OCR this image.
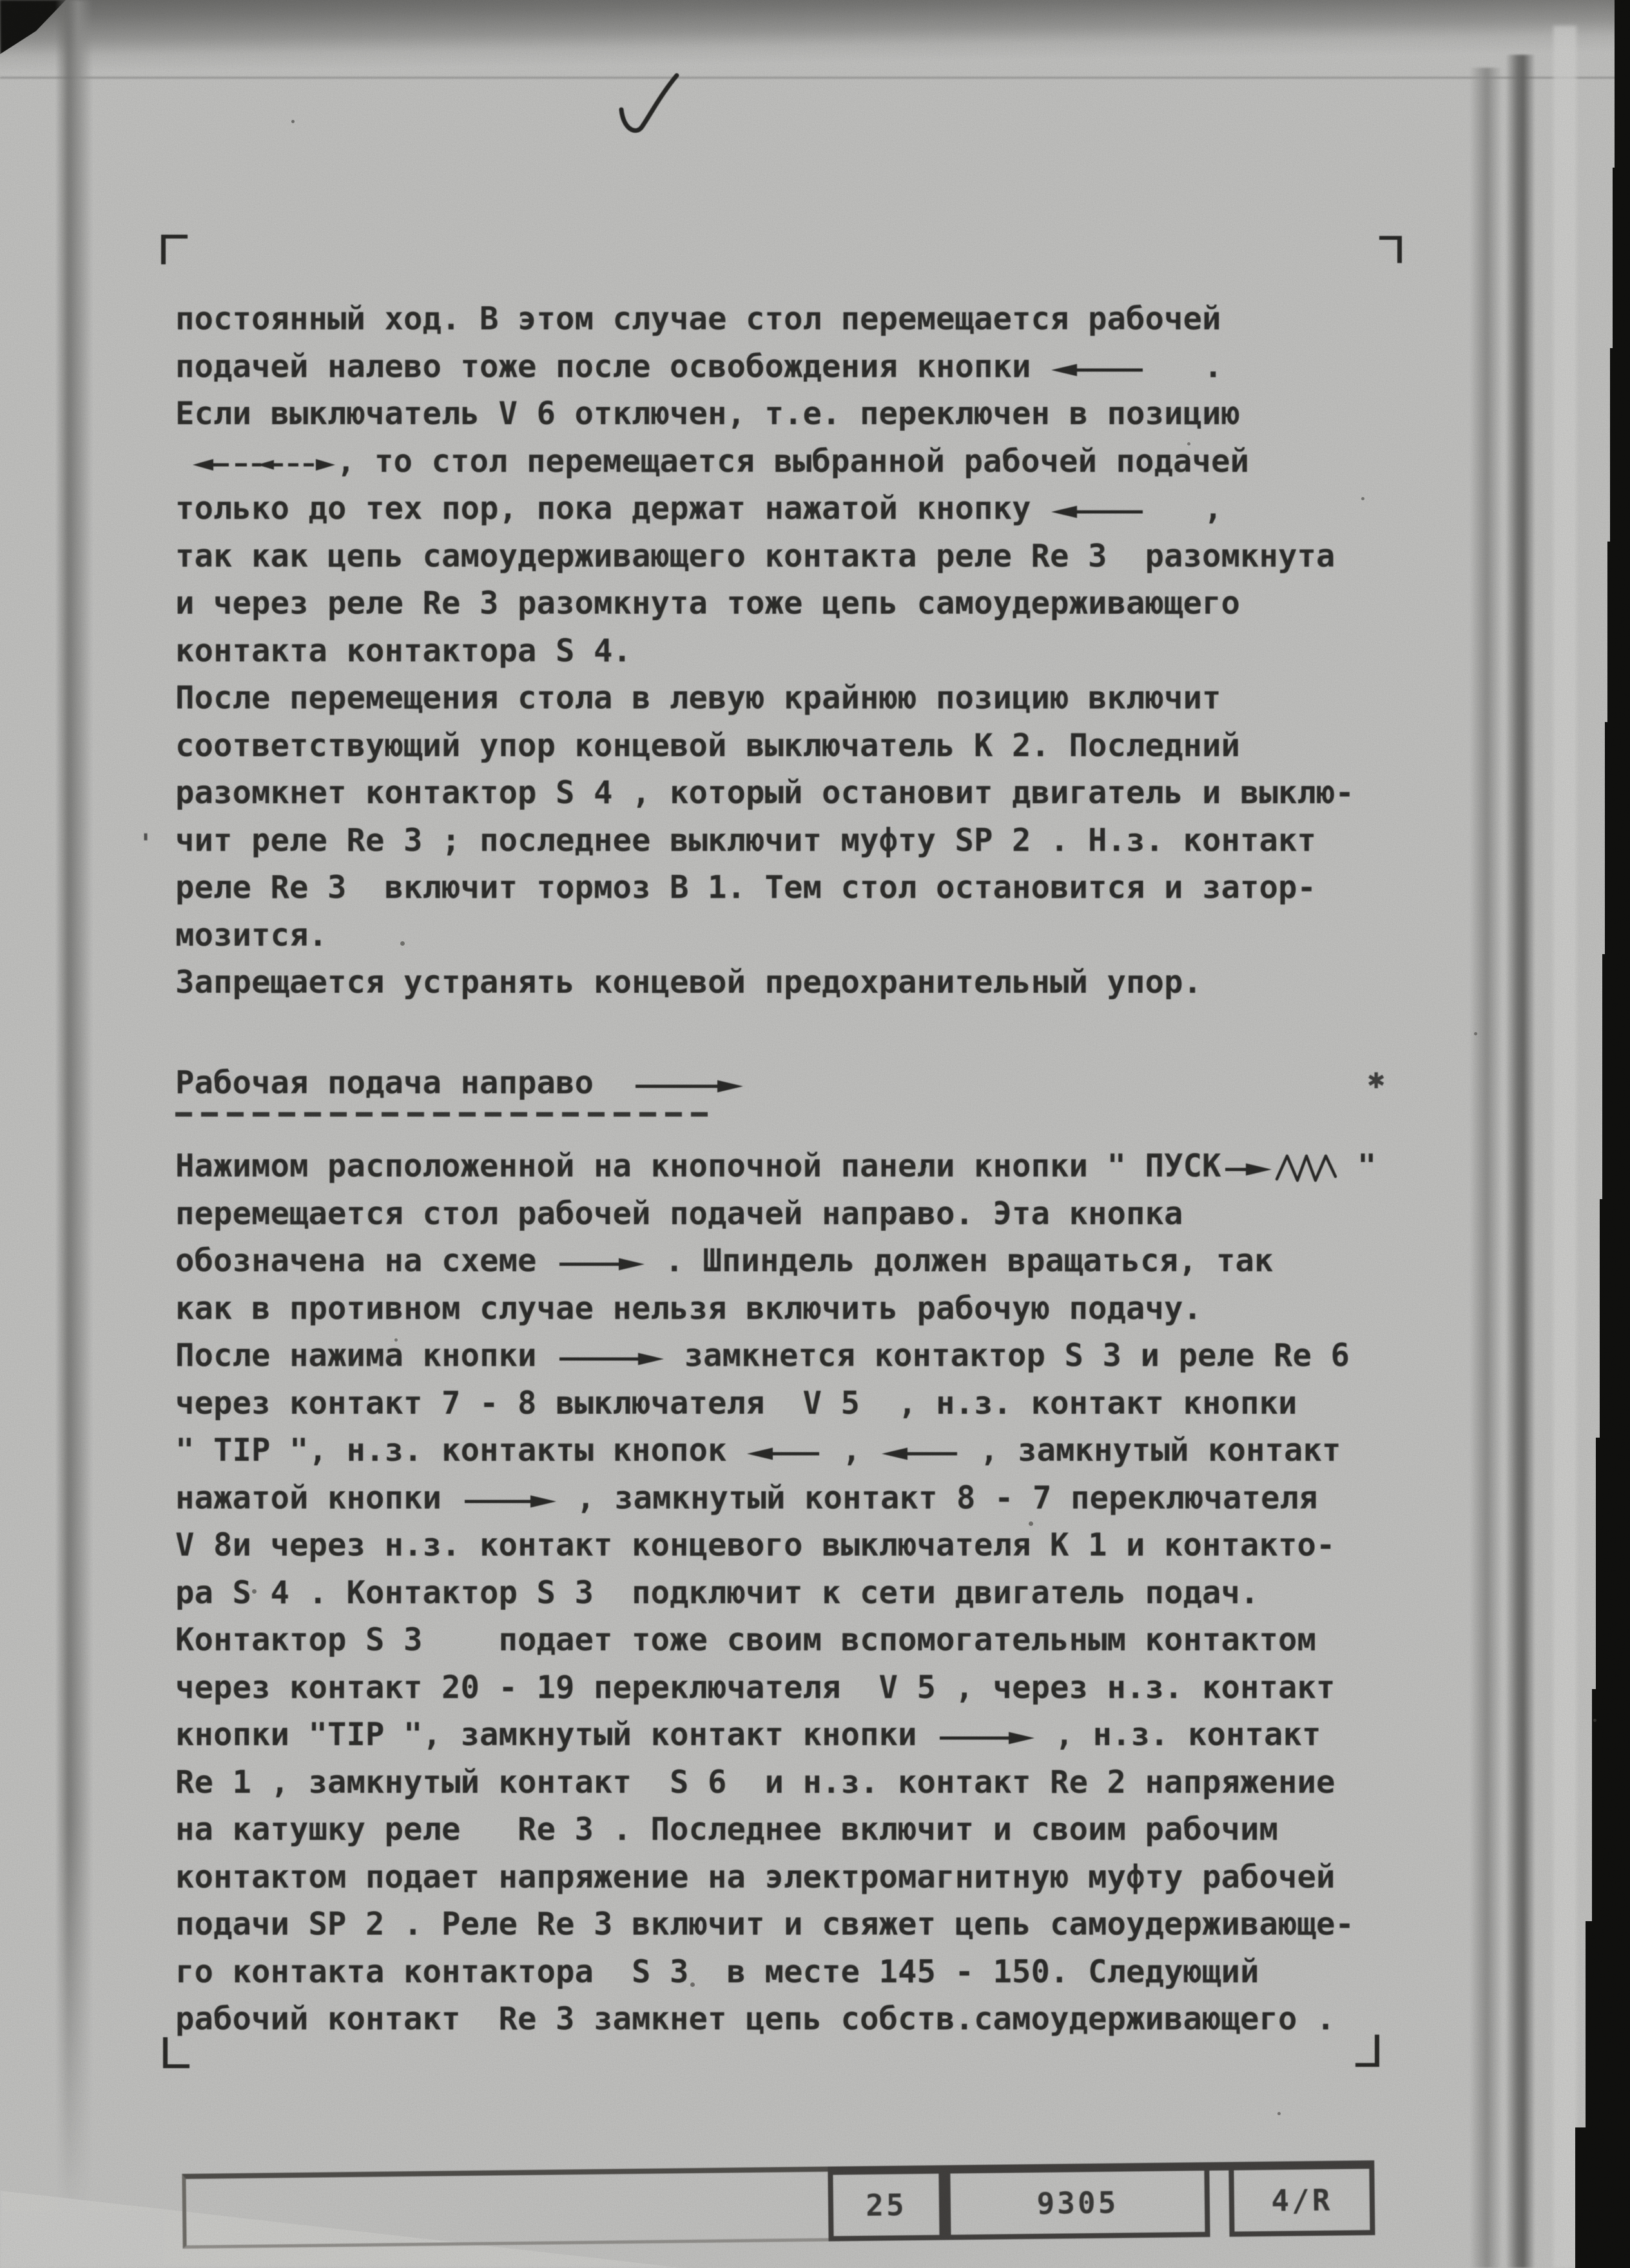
постоянный ход. В этом случае стол перемещается рабочей
подачей налево тоже после освобождения кнопки	.
Если выключатель V 6 отключен, т.е. переключен в позицию
, то стол перемещается выбранной рабочей подачей
только до тех пор, пока держат нажатой кнопку	,
так как цепь самоудерживающего контакта реле Re 3  разомкнута
и через реле Re 3 разомкнута тоже цепь самоудерживающего
контакта контактора S 4.
После перемещения стола в левую крайнюю позицию включит
соответствующий упор концевой выключатель К 2. Последний
разомкнет контактор S 4 , который остановит двигатель и выклю-
' чит реле Re 3 ; последнее выключит муфту SP 2 . Н.з. контакт
реле Re 3  включит тормоз B 1. Тем стол остановится и затор-
мозится.
Запрещается устранять концевой предохранительный упор.
Рабочая подача направо
Нажимом расположенной на кнопочной панели кнопки " ПУСК	"
перемещается стол рабочей подачей направо. Эта кнопка
обозначена на схеме	. Шпиндель должен вращаться, так
как в противном случае нельзя включить рабочую подачу.
После нажима кнопки	замкнется контактор S 3 и реле Re 6
через контакт 7 - 8 выключателя  V 5  , н.з. контакт кнопки
" TIP ", н.з. контакты кнопок  ,	, замкнутый контакт
нажатой кнопки	, замкнутый контакт 8 - 7 переключателя
V 8и через н.з. контакт концевого выключателя К 1 и контакто-
ра S 4 . Контактор S 3  подключит к сети двигатель подач.
Контактор S 3    подает тоже своим вспомогательным контактом
через контакт 20 - 19 переключателя  V 5 , через н.з. контакт
кнопки "TIP ", замкнутый контакт кнопки	, н.з. контакт
Re 1 , замкнутый контакт  S 6  и н.з. контакт Re 2 напряжение
на катушку реле   Re 3 . Последнее включит и своим рабочим
контактом подает напряжение на электромагнитную муфту рабочей
подачи SP 2 . Реле Re 3 включит и свяжет цепь самоудерживающе-
го контакта контактора  S 3  в месте 145 - 150. Следующий
рабочий контакт  Re 3 замкнет цепь собств.самоудерживающего .
✱
25	9305	4/R
